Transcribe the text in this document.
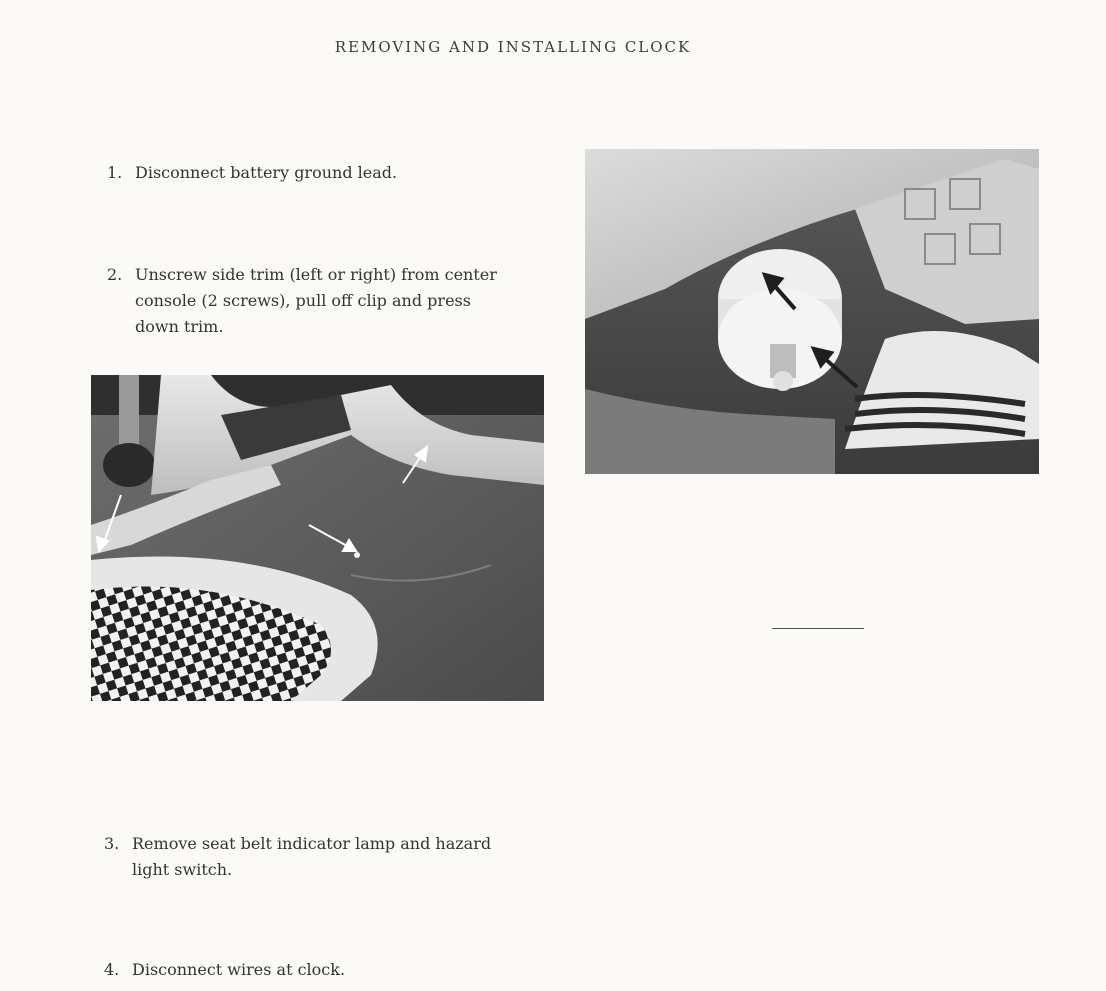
REMOVING AND INSTALLING CLOCK
1. Disconnect battery ground lead.
2. Unscrew side trim (left or right) from center
console (2 screws), pull off clip and press
down trim.
3. Remove seat belt indicator lamp and hazard
light switch.
4. Disconnect wires at clock.
